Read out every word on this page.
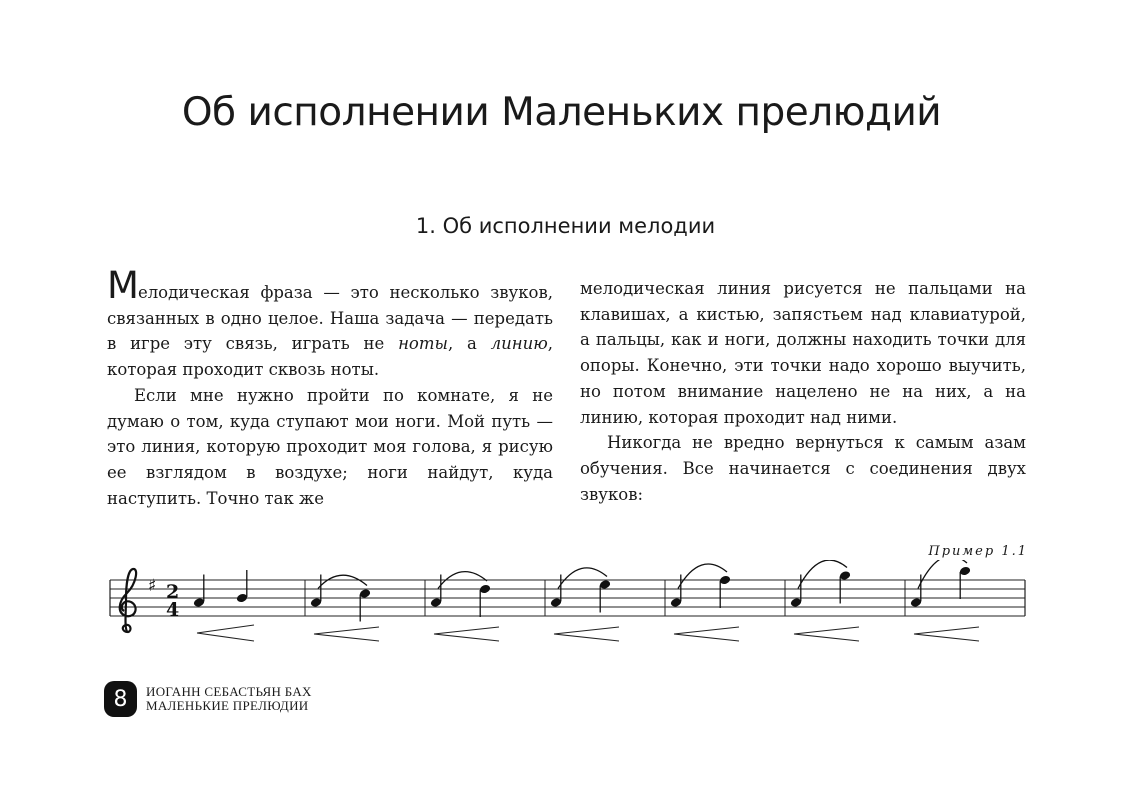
Об исполнении Маленьких прелюдий
1. Об исполнении мелодии

Мелодическая фраза — это несколько звуков, связанных в одно целое. Наша задача — передать в игре эту связь, играть не ноты, а линию, которая проходит сквозь ноты.

Если мне нужно пройти по комнате, я не думаю о том, куда ступают мои ноги. Мой путь — это линия, которую проходит моя голова, я рисую ее взглядом в воздухе; ноги найдут, куда наступить. Точно так же

мелодическая линия рисуется не пальцами на клавишах, а кистью, запястьем над клавиатурой, а пальцы, как и ноги, должны находить точки для опоры. Конечно, эти точки надо хорошо выучить, но потом внимание нацелено не на них, а на линию, которая проходит над ними.

Никогда не вредно вернуться к самым азам обучения. Все начинается с соединения двух звуков:

Пример 1.1
♯ 2
4
8	ИОГАНН СЕБАСТЬЯН БАХ
МАЛЕНЬКИЕ ПРЕЛЮДИИ
